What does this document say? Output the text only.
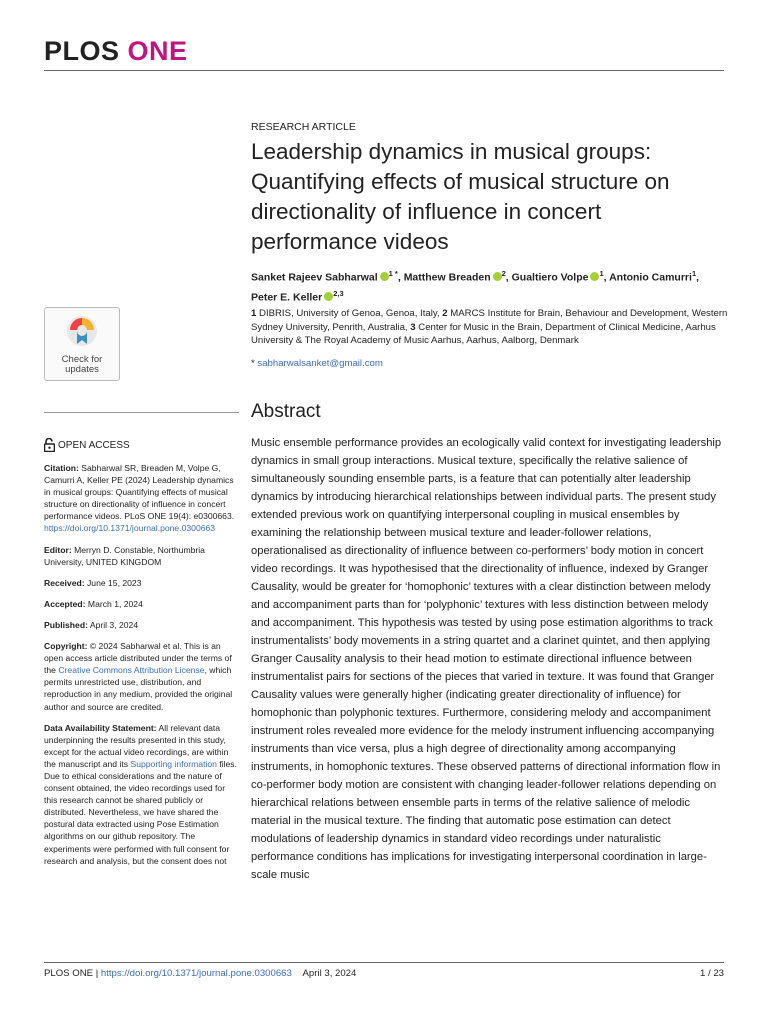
PLOS ONE
Check for
updates
OPEN ACCESS
Citation: Sabharwal SR, Breaden M, Volpe G, Camurri A, Keller PE (2024) Leadership dynamics in musical groups: Quantifying effects of musical structure on directionality of influence in concert performance videos. PLoS ONE 19(4): e0300663. https://doi.org/10.1371/journal.pone.0300663
Editor: Merryn D. Constable, Northumbria University, UNITED KINGDOM
Received: June 15, 2023
Accepted: March 1, 2024
Published: April 3, 2024
Copyright: © 2024 Sabharwal et al. This is an open access article distributed under the terms of the Creative Commons Attribution License, which permits unrestricted use, distribution, and reproduction in any medium, provided the original author and source are credited.
Data Availability Statement: All relevant data underpinning the results presented in this study, except for the actual video recordings, are within the manuscript and its Supporting information files. Due to ethical considerations and the nature of consent obtained, the video recordings used for this research cannot be shared publicly or distributed. Nevertheless, we have shared the postural data extracted using Pose Estimation algorithms on our github repository. The experiments were performed with full consent for research and analysis, but the consent does not
RESEARCH ARTICLE
Leadership dynamics in musical groups: Quantifying effects of musical structure on directionality of influence in concert performance videos
Sanket Rajeev Sabharwal $^{1 *}$, Matthew Breaden $^2$, Gualtiero Volpe $^1$, Antonio Camurri$^1$,
Peter E. Keller $^{2,3}$
1 DIBRIS, University of Genoa, Genoa, Italy, 2 MARCS Institute for Brain, Behaviour and Development, Western Sydney University, Penrith, Australia, 3 Center for Music in the Brain, Department of Clinical Medicine, Aarhus University & The Royal Academy of Music Aarhus, Aarhus, Aalborg, Denmark
* sabharwalsanket@gmail.com
Abstract

Music ensemble performance provides an ecologically valid context for investigating leadership dynamics in small group interactions. Musical texture, specifically the relative salience of simultaneously sounding ensemble parts, is a feature that can potentially alter leadership dynamics by introducing hierarchical relationships between individual parts. The present study extended previous work on quantifying interpersonal coupling in musical ensembles by examining the relationship between musical texture and leader-follower relations, operationalised as directionality of influence between co-performers’ body motion in concert video recordings. It was hypothesised that the directionality of influence, indexed by Granger Causality, would be greater for ‘homophonic’ textures with a clear distinction between melody and accompaniment parts than for ‘polyphonic’ textures with less distinction between melody and accompaniment. This hypothesis was tested by using pose estimation algorithms to track instrumentalists’ body movements in a string quartet and a clarinet quintet, and then applying Granger Causality analysis to their head motion to estimate directional influence between instrumentalist pairs for sections of the pieces that varied in texture. It was found that Granger Causality values were generally higher (indicating greater directionality of influence) for homophonic than polyphonic textures. Furthermore, considering melody and accompaniment instrument roles revealed more evidence for the melody instrument influencing accompanying instruments than vice versa, plus a high degree of directionality among accompanying instruments, in homophonic textures. These observed patterns of directional information flow in co-performer body motion are consistent with changing leader-follower relations depending on hierarchical relations between ensemble parts in terms of the relative salience of melodic material in the musical texture. The finding that automatic pose estimation can detect modulations of leadership dynamics in standard video recordings under naturalistic performance conditions has implications for investigating interpersonal coordination in large-scale music

PLOS ONE | https://doi.org/10.1371/journal.pone.0300663 April 3, 2024	1 / 23
